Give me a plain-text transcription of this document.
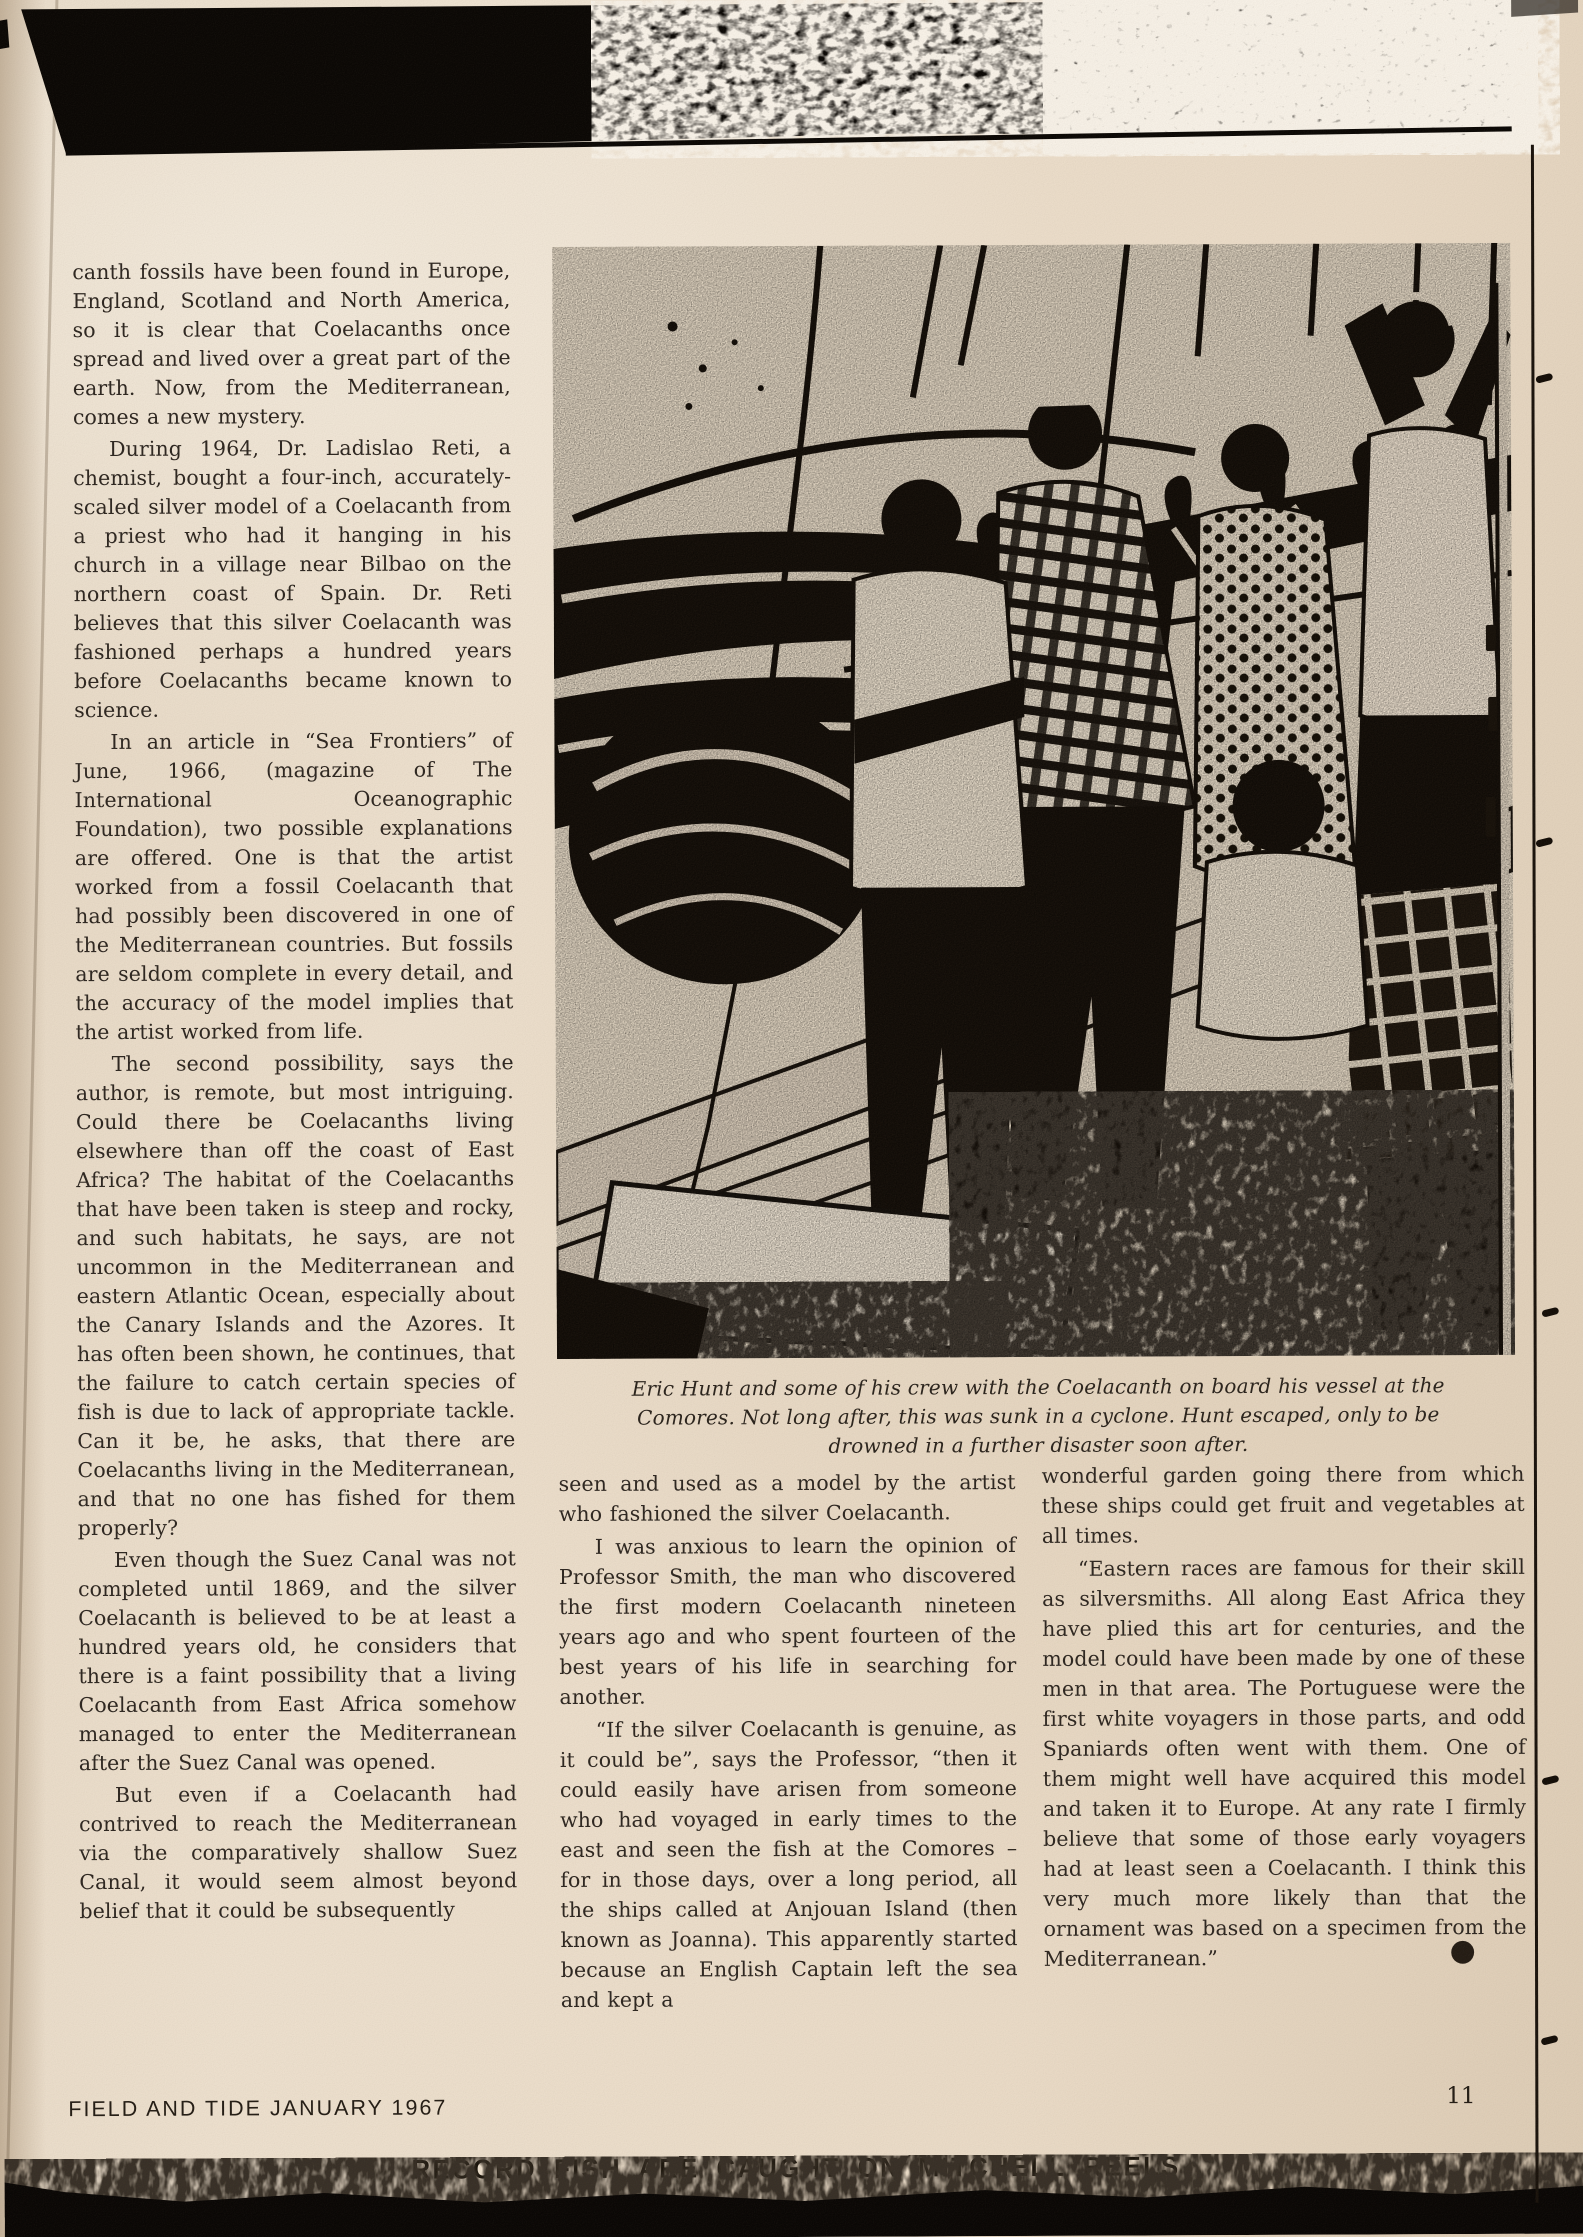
canth fossils have been found in Europe, England, Scotland and North America, so it is clear that Coelacanths once spread and lived over a great part of the earth. Now, from the Mediterranean, comes a new mystery.

During 1964, Dr. Ladislao Reti, a chemist, bought a four-inch, accurately-scaled silver model of a Coelacanth from a priest who had it hanging in his church in a village near Bilbao on the northern coast of Spain. Dr. Reti believes that this silver Coelacanth was fashioned perhaps a hundred years before Coelacanths became known to science.

In an article in “Sea Frontiers” of June, 1966, (magazine of The International Oceanographic Foundation), two possible explanations are offered. One is that the artist worked from a fossil Coelacanth that had possibly been discovered in one of the Mediterranean countries. But fossils are seldom complete in every detail, and the accuracy of the model implies that the artist worked from life.

The second possibility, says the author, is remote, but most intriguing. Could there be Coelacanths living elsewhere than off the coast of East Africa? The habitat of the Coelacanths that have been taken is steep and rocky, and such habitats, he says, are not uncommon in the Mediterranean and eastern Atlantic Ocean, especially about the Canary Islands and the Azores. It has often been shown, he continues, that the failure to catch certain species of fish is due to lack of appropriate tackle. Can it be, he asks, that there are Coelacanths living in the Mediterranean, and that no one has fished for them properly?

Even though the Suez Canal was not completed until 1869, and the silver Coelacanth is believed to be at least a hundred years old, he considers that there is a faint possibility that a living Coelacanth from East Africa somehow managed to enter the Mediterranean after the Suez Canal was opened.

But even if a Coelacanth had contrived to reach the Mediterranean via the comparatively shallow Suez Canal, it would seem almost beyond belief that it could be subsequently

Eric Hunt and some of his crew with the Coelacanth on board his vessel at the Comores. Not long after, this was sunk in a cyclone. Hunt escaped, only to be drowned in a further disaster soon after.

seen and used as a model by the artist who fashioned the silver Coelacanth.

I was anxious to learn the opinion of Professor Smith, the man who discovered the first modern Coelacanth nineteen years ago and who spent fourteen of the best years of his life in searching for another.

“If the silver Coelacanth is genuine, as it could be”, says the Professor, “then it could easily have arisen from someone who had voyaged in early times to the east and seen the fish at the Comores – for in those days, over a long period, all the ships called at Anjouan Island (then known as Joanna). This apparently started because an English Captain left the sea and kept a

wonderful garden going there from which these ships could get fruit and vegetables at all times.

“Eastern races are famous for their skill as silversmiths. All along East Africa they have plied this art for centuries, and the model could have been made by one of these men in that area. The Portuguese were the first white voyagers in those parts, and odd Spaniards often went with them. One of them might well have acquired this model and taken it to Europe. At any rate I firmly believe that some of those early voyagers had at least seen a Coelacanth. I think this very much more likely than that the ornament was based on a specimen from the Mediterranean.”	●
FIELD AND TIDE JANUARY 1967	11
